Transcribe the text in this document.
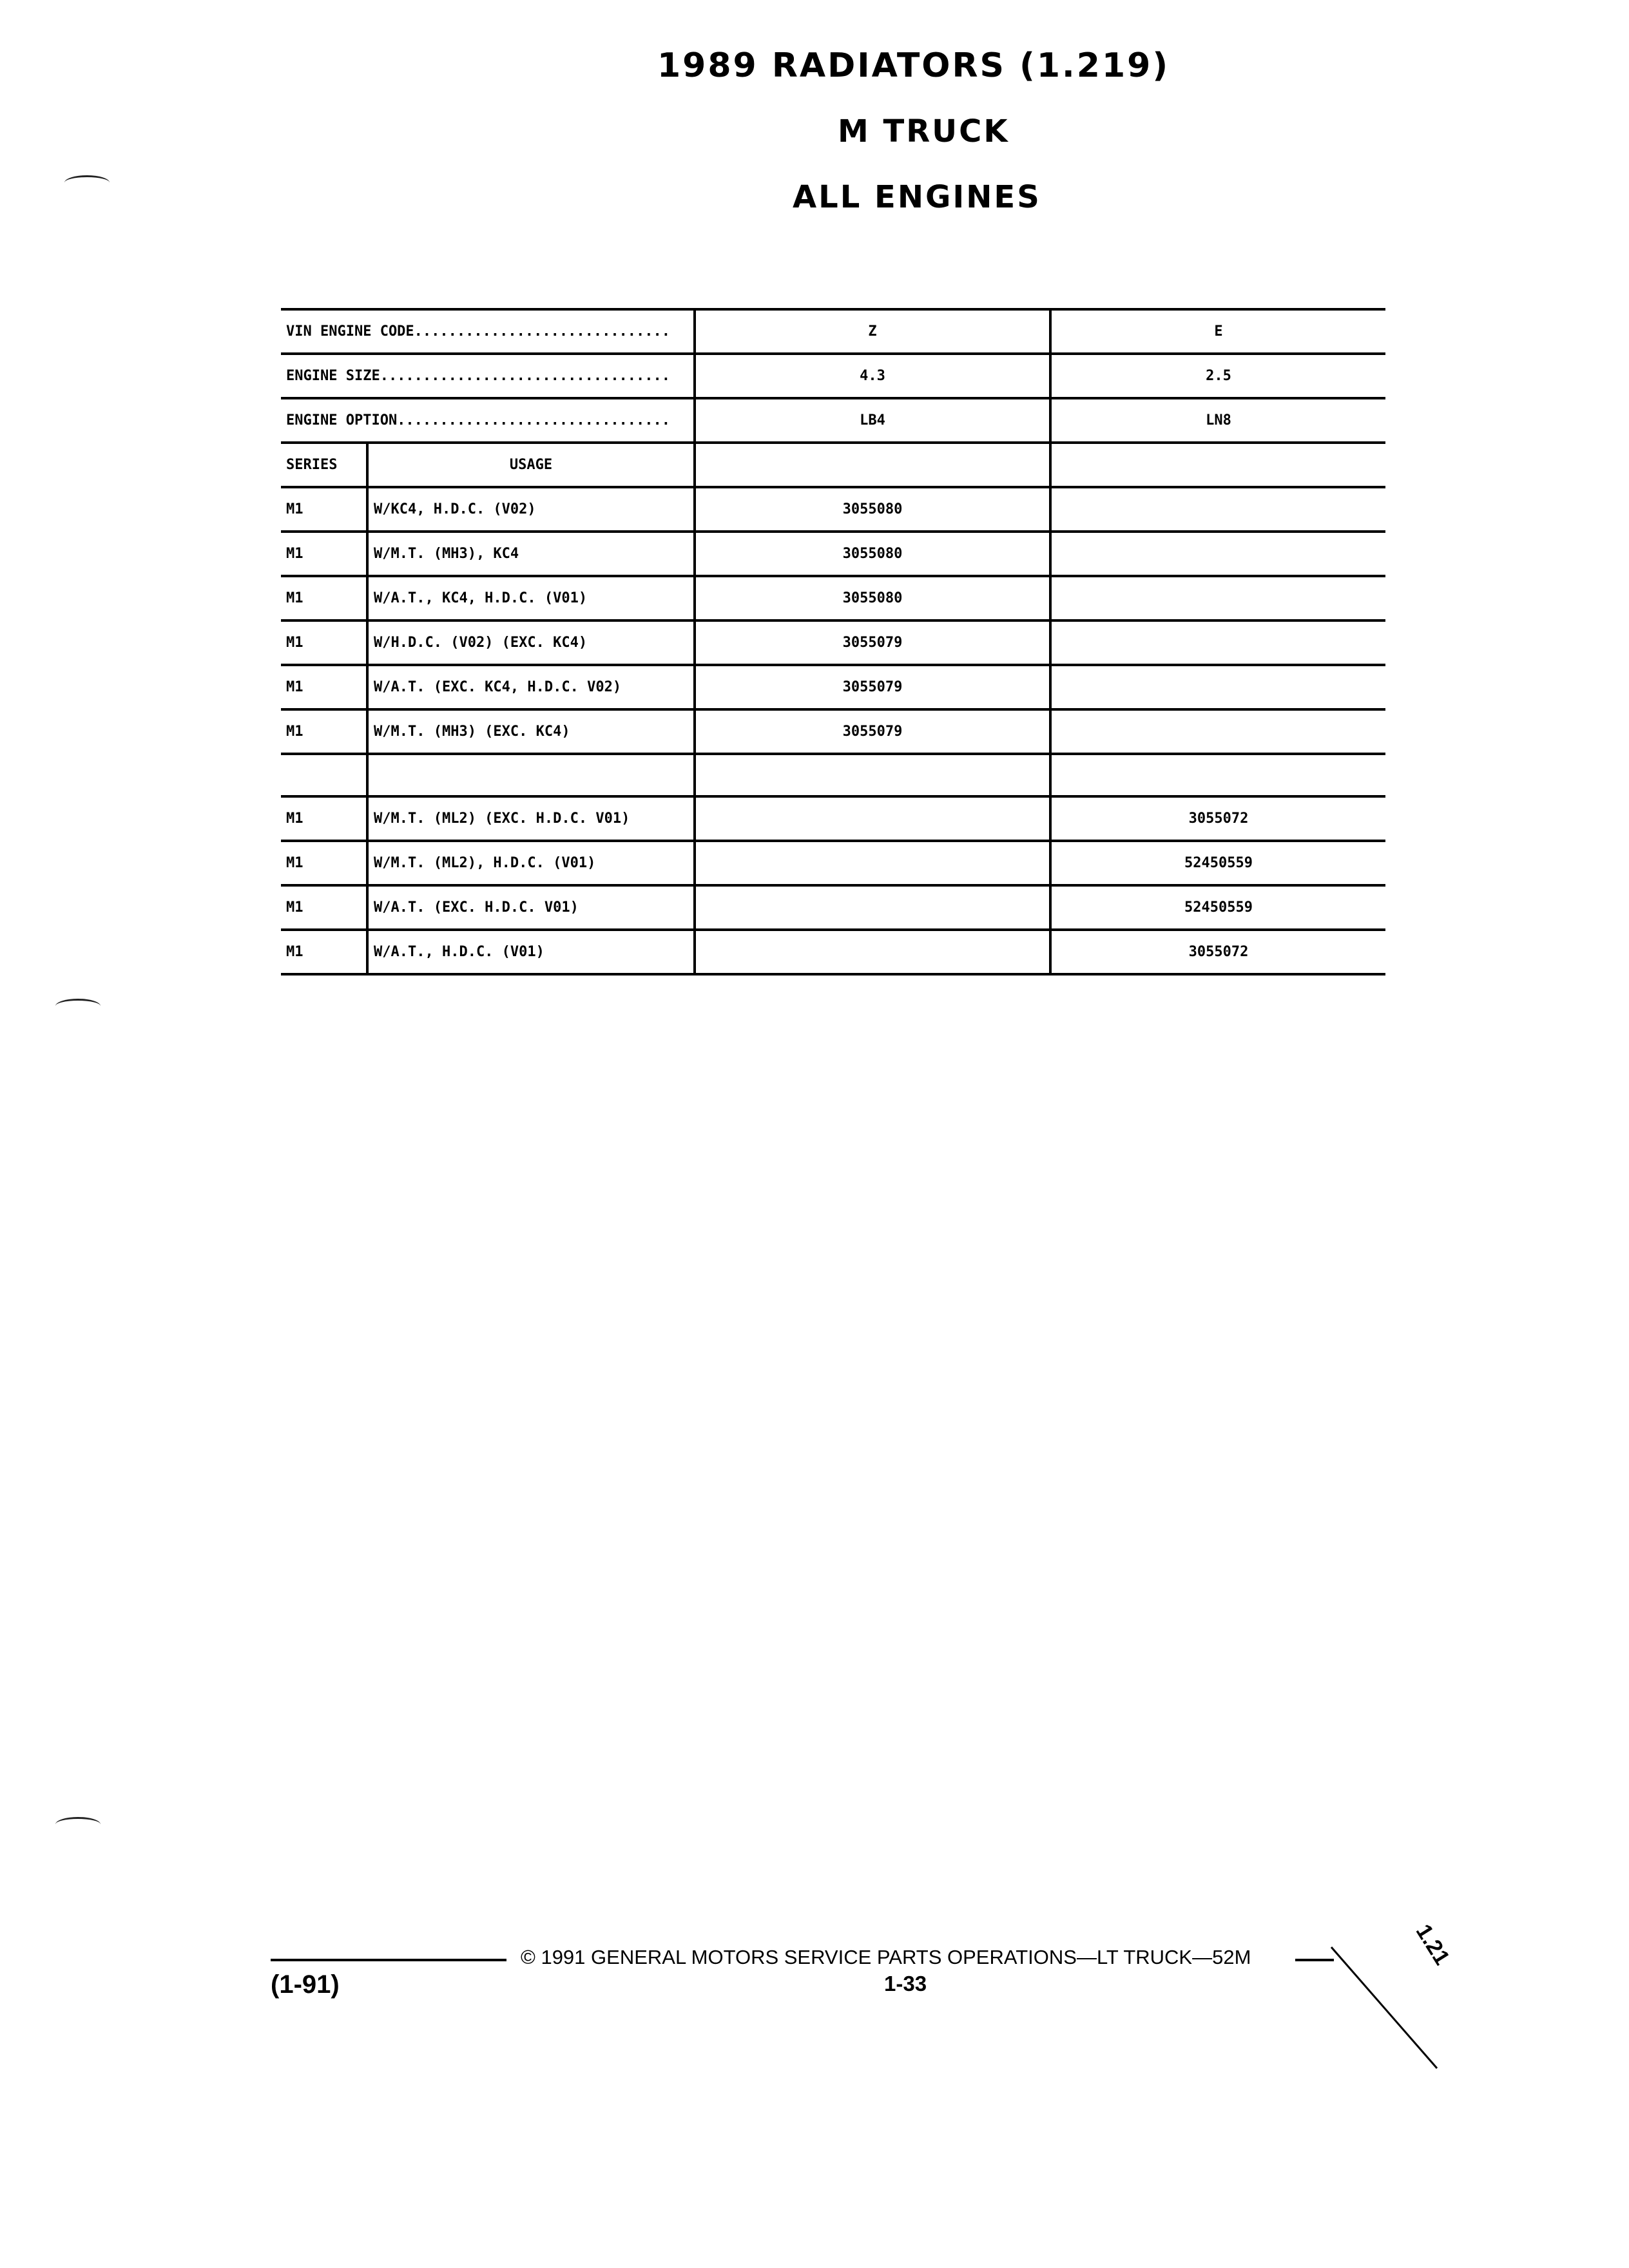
1989 RADIATORS (1.219)
M TRUCK
ALL ENGINES
VIN ENGINE CODE..............................		Z	E
ENGINE SIZE..................................		4.3	2.5
ENGINE OPTION................................		LB4	LN8
SERIES	USAGE		
M1	W/KC4, H.D.C. (V02)	3055080	
M1	W/M.T. (MH3), KC4	3055080	
M1	W/A.T., KC4, H.D.C. (V01)	3055080	
M1	W/H.D.C. (V02) (EXC. KC4)	3055079	
M1	W/A.T. (EXC. KC4, H.D.C. V02)	3055079	
M1	W/M.T. (MH3) (EXC. KC4)	3055079	

M1	W/M.T. (ML2) (EXC. H.D.C. V01)		3055072
M1	W/M.T. (ML2), H.D.C. (V01)		52450559
M1	W/A.T. (EXC. H.D.C. V01)		52450559
M1	W/A.T., H.D.C. (V01)		3055072
© 1991 GENERAL MOTORS SERVICE PARTS OPERATIONS—LT TRUCK—52M
(1-91)	1-33
1.21
